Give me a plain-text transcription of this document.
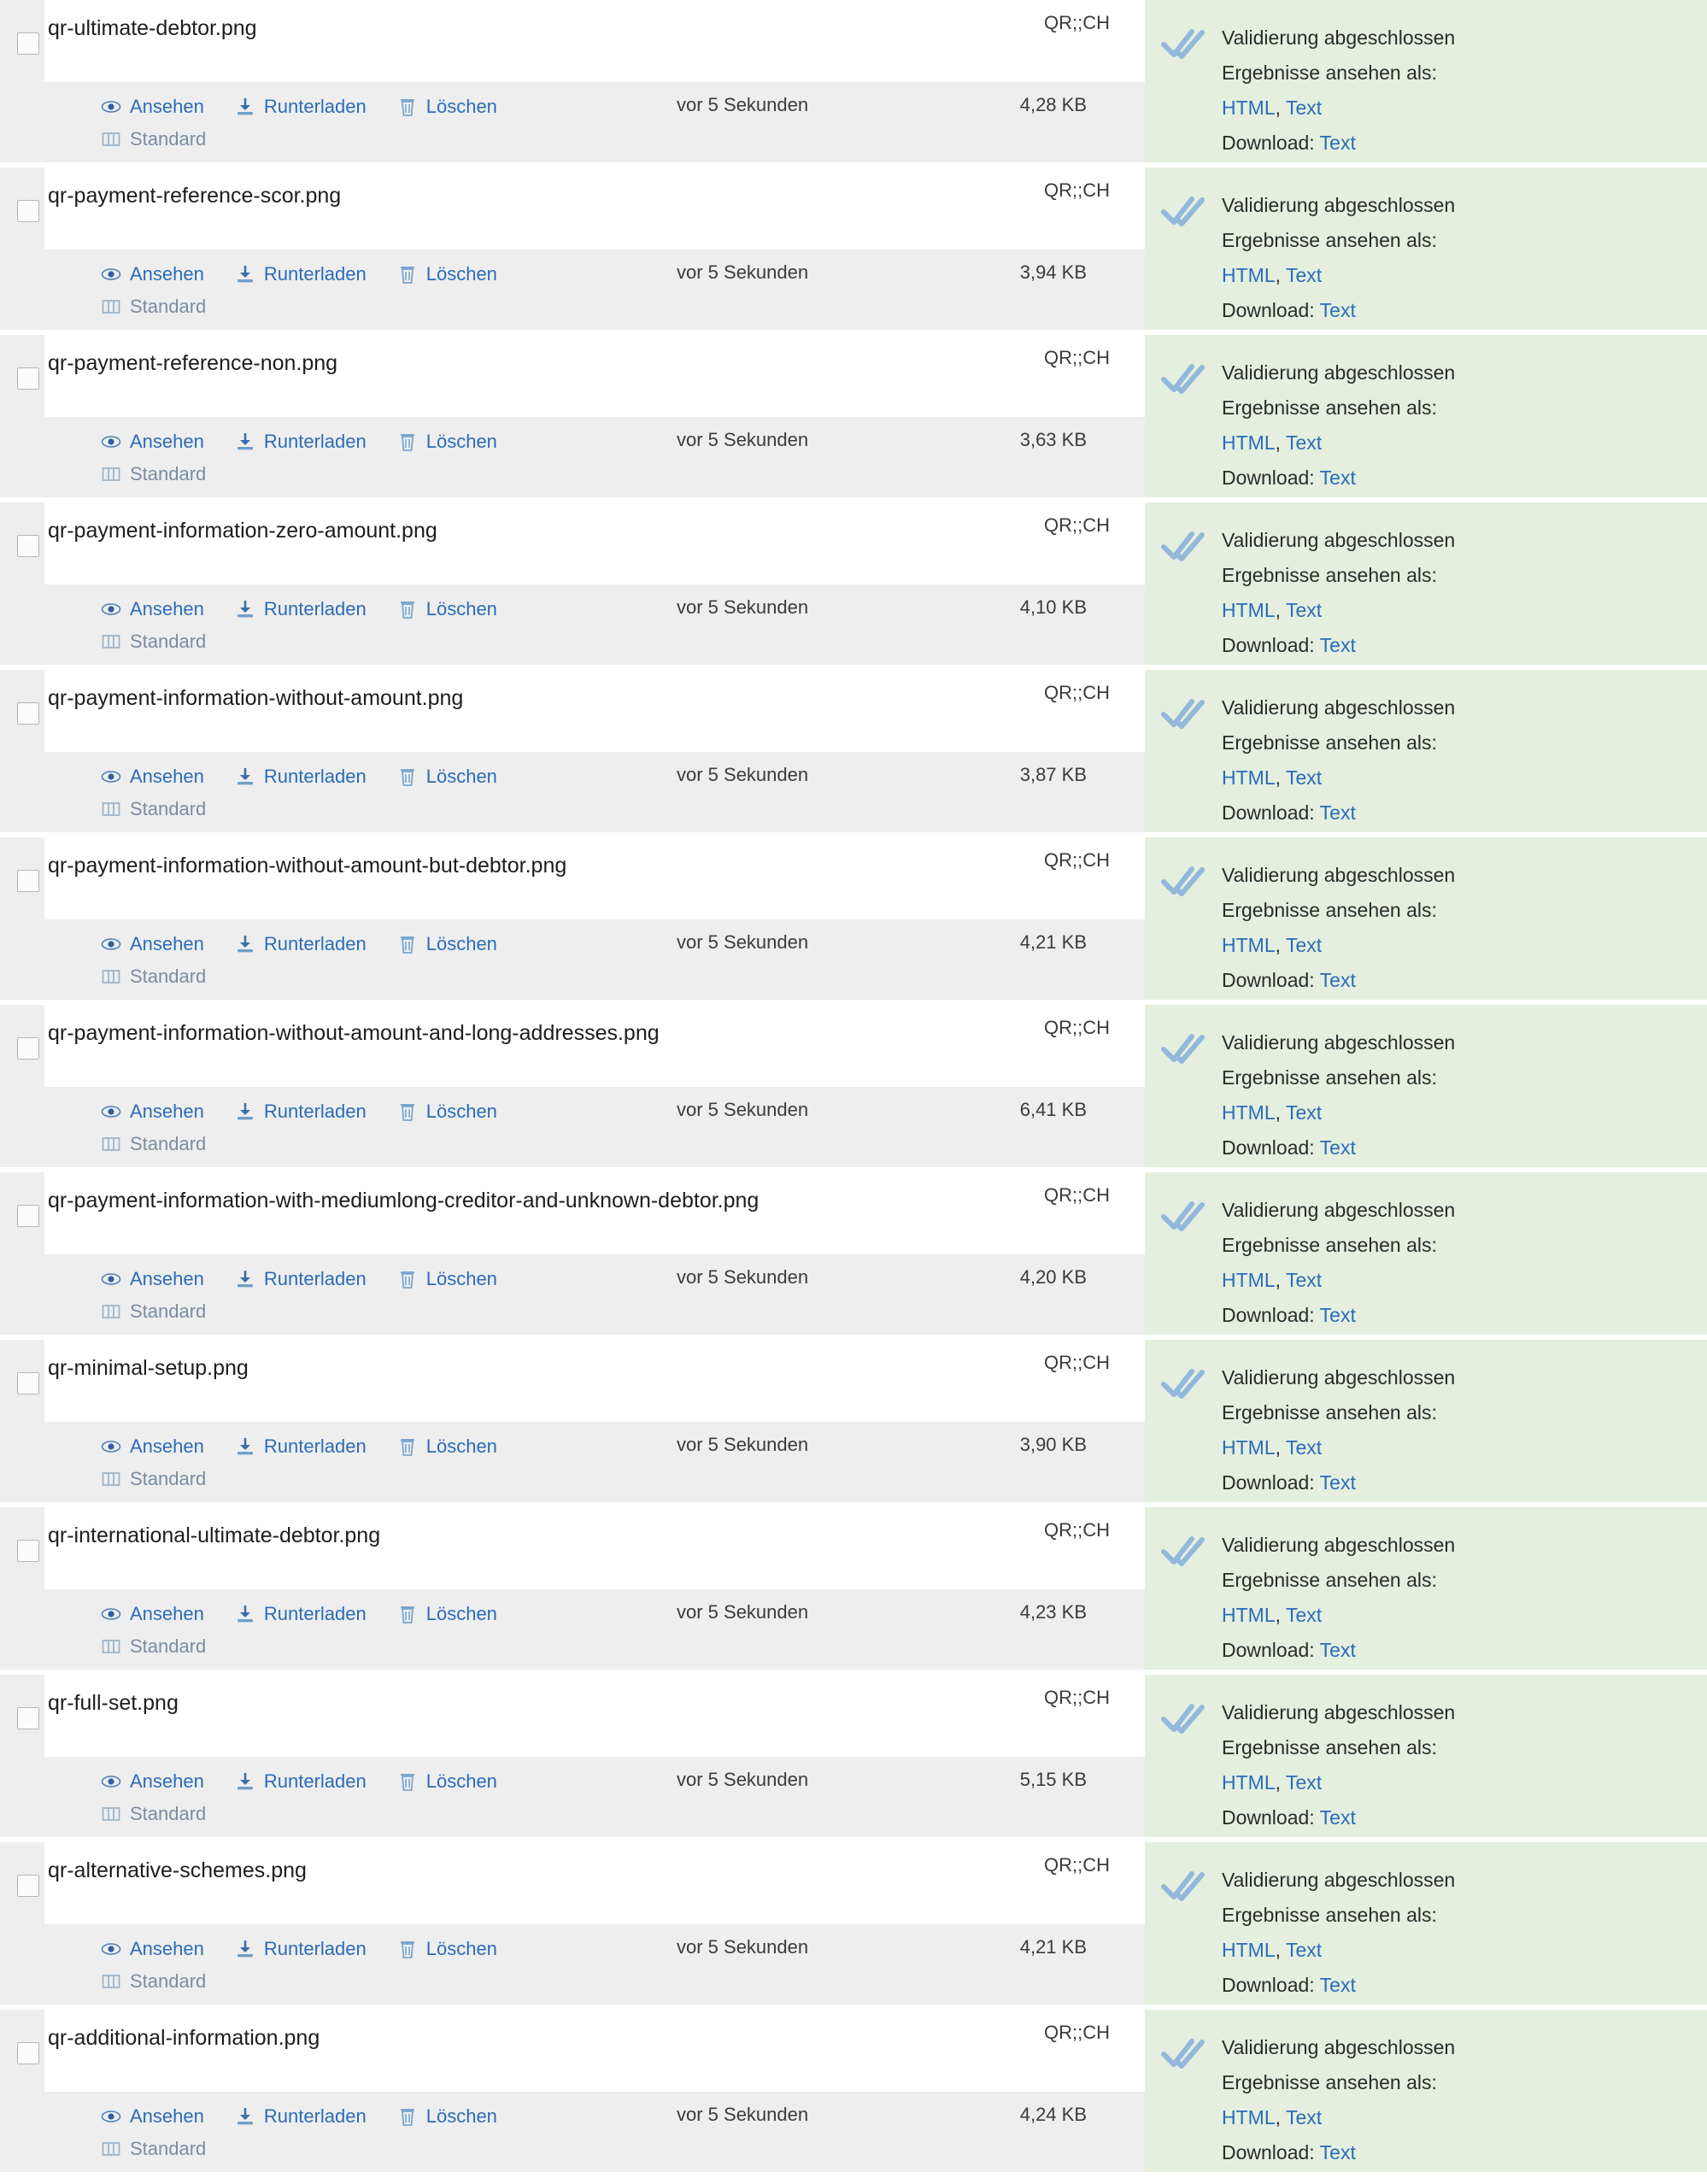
qr-ultimate-debtor.png
Ansehen	Runterladen	Löschen
Standard
vor 5 Sekunden	4,28 KB
QR;;CH
Validierung abgeschlossen
Ergebnisse ansehen als:
HTML, Text
Download: Text
qr-payment-reference-scor.png
Ansehen	Runterladen	Löschen
Standard
vor 5 Sekunden	3,94 KB
QR;;CH
Validierung abgeschlossen
Ergebnisse ansehen als:
HTML, Text
Download: Text
qr-payment-reference-non.png
Ansehen	Runterladen	Löschen
Standard
vor 5 Sekunden	3,63 KB
QR;;CH
Validierung abgeschlossen
Ergebnisse ansehen als:
HTML, Text
Download: Text
qr-payment-information-zero-amount.png
Ansehen	Runterladen	Löschen
Standard
vor 5 Sekunden	4,10 KB
QR;;CH
Validierung abgeschlossen
Ergebnisse ansehen als:
HTML, Text
Download: Text
qr-payment-information-without-amount.png
Ansehen	Runterladen	Löschen
Standard
vor 5 Sekunden	3,87 KB
QR;;CH
Validierung abgeschlossen
Ergebnisse ansehen als:
HTML, Text
Download: Text
qr-payment-information-without-amount-but-debtor.png
Ansehen	Runterladen	Löschen
Standard
vor 5 Sekunden	4,21 KB
QR;;CH
Validierung abgeschlossen
Ergebnisse ansehen als:
HTML, Text
Download: Text
qr-payment-information-without-amount-and-long-addresses.png
Ansehen	Runterladen	Löschen
Standard
vor 5 Sekunden	6,41 KB
QR;;CH
Validierung abgeschlossen
Ergebnisse ansehen als:
HTML, Text
Download: Text
qr-payment-information-with-mediumlong-creditor-and-unknown-debtor.png
Ansehen	Runterladen	Löschen
Standard
vor 5 Sekunden	4,20 KB
QR;;CH
Validierung abgeschlossen
Ergebnisse ansehen als:
HTML, Text
Download: Text
qr-minimal-setup.png
Ansehen	Runterladen	Löschen
Standard
vor 5 Sekunden	3,90 KB
QR;;CH
Validierung abgeschlossen
Ergebnisse ansehen als:
HTML, Text
Download: Text
qr-international-ultimate-debtor.png
Ansehen	Runterladen	Löschen
Standard
vor 5 Sekunden	4,23 KB
QR;;CH
Validierung abgeschlossen
Ergebnisse ansehen als:
HTML, Text
Download: Text
qr-full-set.png
Ansehen	Runterladen	Löschen
Standard
vor 5 Sekunden	5,15 KB
QR;;CH
Validierung abgeschlossen
Ergebnisse ansehen als:
HTML, Text
Download: Text
qr-alternative-schemes.png
Ansehen	Runterladen	Löschen
Standard
vor 5 Sekunden	4,21 KB
QR;;CH
Validierung abgeschlossen
Ergebnisse ansehen als:
HTML, Text
Download: Text
qr-additional-information.png
Ansehen	Runterladen	Löschen
Standard
vor 5 Sekunden	4,24 KB
QR;;CH
Validierung abgeschlossen
Ergebnisse ansehen als:
HTML, Text
Download: Text
